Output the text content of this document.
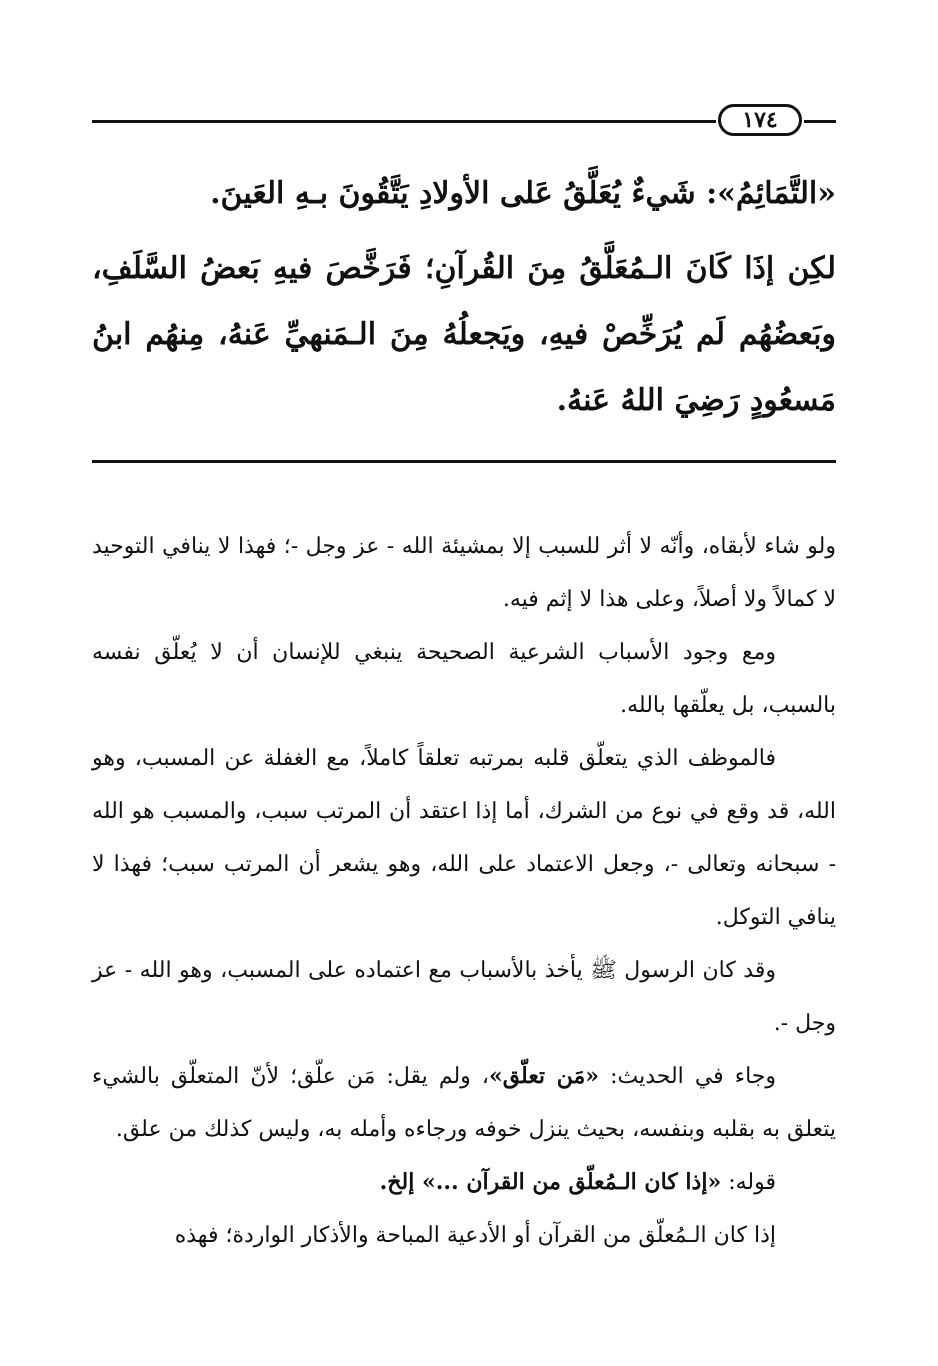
١٧٤

«التَّمَائِمُ»: شَيءٌ يُعَلَّقُ عَلى الأولادِ يَتَّقُونَ بـهِ العَينَ.

لكِن إذَا كَانَ الـمُعَلَّقُ مِنَ القُرآنِ؛ فَرَخَّصَ فيهِ بَعضُ السَّلَفِ، وبَعضُهُم لَم يُرَخِّصْ فيهِ، ويَجعلُهُ مِنَ الـمَنهيِّ عَنهُ، مِنهُم ابنُ مَسعُودٍ رَضِيَ اللهُ عَنهُ.

ولو شاء لأبقاه، وأنّه لا أثر للسبب إلا بمشيئة الله - عز وجل -؛ فهذا لا ينافي التوحيد لا كمالاً ولا أصلاً، وعلى هذا لا إثم فيه.

ومع وجود الأسباب الشرعية الصحيحة ينبغي للإنسان أن لا يُعلّق نفسه بالسبب، بل يعلّقها بالله.

فالموظف الذي يتعلّق قلبه بمرتبه تعلقاً كاملاً، مع الغفلة عن المسبب، وهو الله، قد وقع في نوع من الشرك، أما إذا اعتقد أن المرتب سبب، والمسبب هو الله - سبحانه وتعالى -، وجعل الاعتماد على الله، وهو يشعر أن المرتب سبب؛ فهذا لا ينافي التوكل.

وقد كان الرسول ﷺ يأخذ بالأسباب مع اعتماده على المسبب، وهو الله - عز وجل -.

وجاء في الحديث: «مَن تعلّق»، ولم يقل: مَن علّق؛ لأنّ المتعلّق بالشيء يتعلق به بقلبه وبنفسه، بحيث ينزل خوفه ورجاءه وأمله به، وليس كذلك من علق.

قوله: «إذا كان الـمُعلّق من القرآن ...» إلخ.

إذا كان الـمُعلّق من القرآن أو الأدعية المباحة والأذكار الواردة؛ فهذه
